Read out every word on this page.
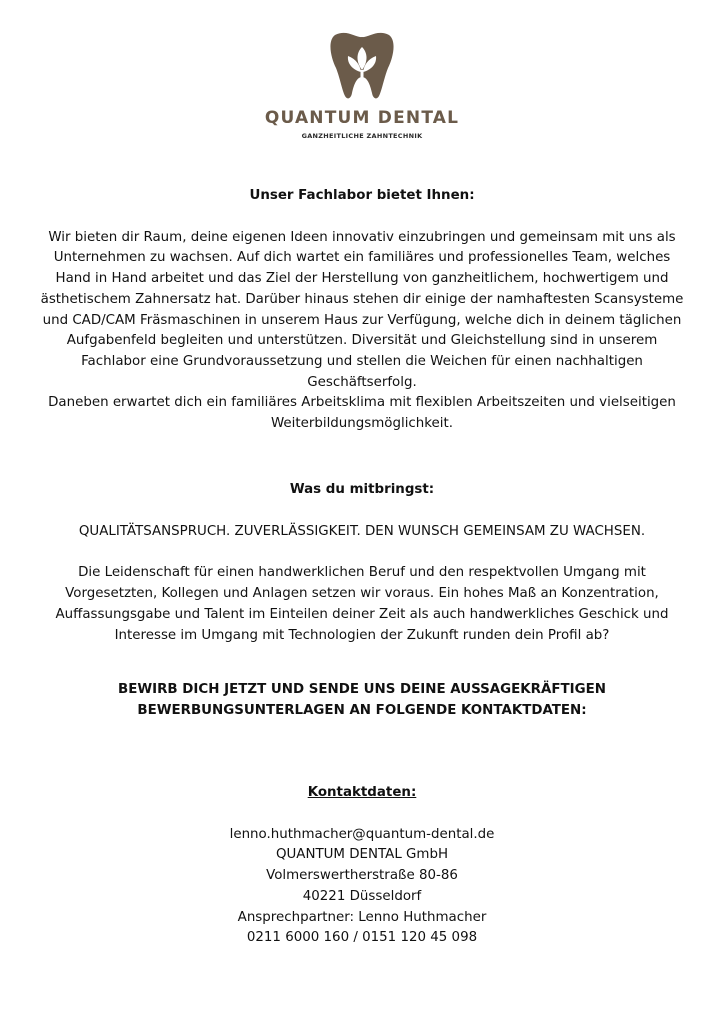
QUANTUM DENTAL
GANZHEITLICHE ZAHNTECHNIK

Unser Fachlabor bietet Ihnen:

Wir bieten dir Raum, deine eigenen Ideen innovativ einzubringen und gemeinsam mit uns als Unternehmen zu wachsen. Auf dich wartet ein familiäres und professionelles Team, welches Hand in Hand arbeitet und das Ziel der Herstellung von ganzheitlichem, hochwertigem und ästhetischem Zahnersatz hat. Darüber hinaus stehen dir einige der namhaftesten Scansysteme und CAD/CAM Fräsmaschinen in unserem Haus zur Verfügung, welche dich in deinem täglichen Aufgabenfeld begleiten und unterstützen. Diversität und Gleichstellung sind in unserem Fachlabor eine Grundvoraussetzung und stellen die Weichen für einen nachhaltigen Geschäftserfolg.

Daneben erwartet dich ein familiäres Arbeitsklima mit flexiblen Arbeitszeiten und vielseitigen Weiterbildungsmöglichkeit.

Was du mitbringst:

QUALITÄTSANSPRUCH. ZUVERLÄSSIGKEIT. DEN WUNSCH GEMEINSAM ZU WACHSEN.

Die Leidenschaft für einen handwerklichen Beruf und den respektvollen Umgang mit Vorgesetzten, Kollegen und Anlagen setzen wir voraus. Ein hohes Maß an Konzentration, Auffassungsgabe und Talent im Einteilen deiner Zeit als auch handwerkliches Geschick und Interesse im Umgang mit Technologien der Zukunft runden dein Profil ab?

BEWIRB DICH JETZT UND SENDE UNS DEINE AUSSAGEKRÄFTIGEN

BEWERBUNGSUNTERLAGEN AN FOLGENDE KONTAKTDATEN:

Kontaktdaten:

lenno.huthmacher@quantum-dental.de

QUANTUM DENTAL GmbH

Volmerswertherstraße 80-86

40221 Düsseldorf

Ansprechpartner: Lenno Huthmacher

0211 6000 160 / 0151 120 45 098
